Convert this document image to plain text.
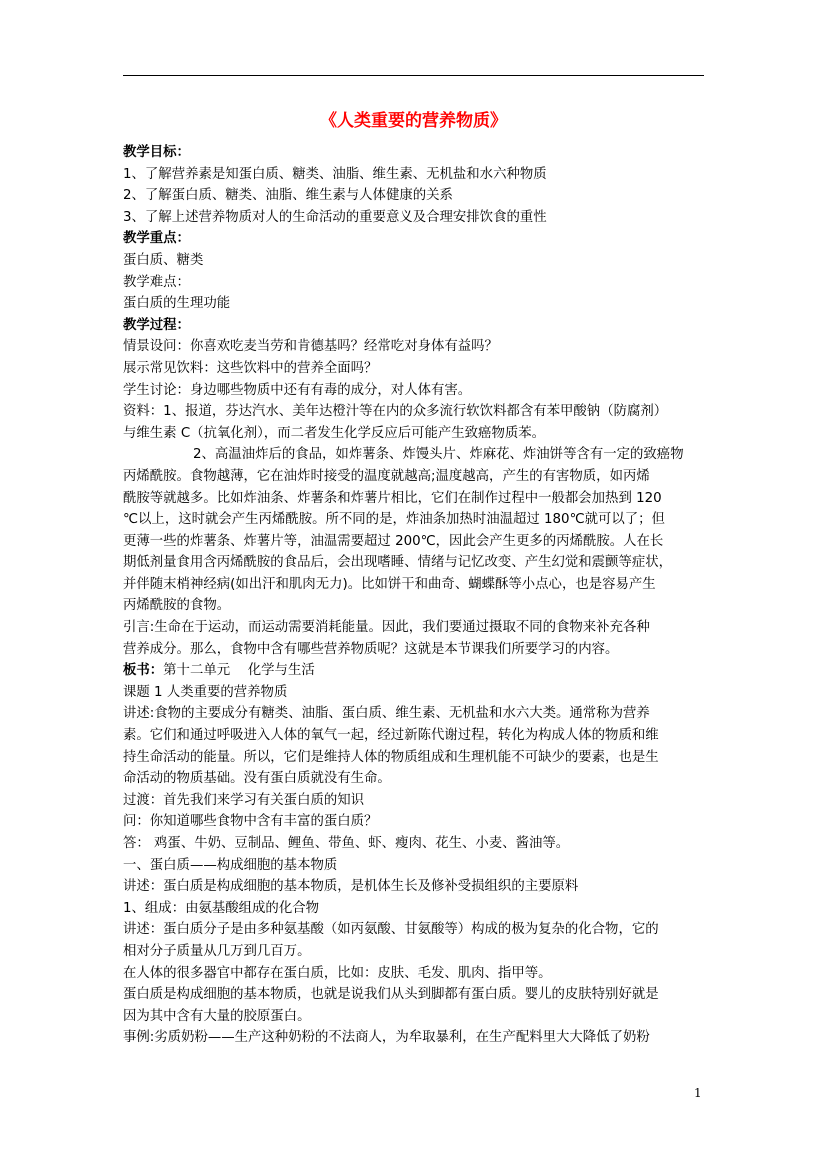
《人类重要的营养物质》
教学目标：
1、了解营养素是知蛋白质、糖类、油脂、维生素、无机盐和水六种物质
2、了解蛋白质、糖类、油脂、维生素与人体健康的关系
3、了解上述营养物质对人的生命活动的重要意义及合理安排饮食的重性
教学重点：
蛋白质、糖类
教学难点：
蛋白质的生理功能
教学过程：
情景设问：你喜欢吃麦当劳和肯德基吗？经常吃对身体有益吗？
展示常见饮料：这些饮料中的营养全面吗？
学生讨论：身边哪些物质中还有有毒的成分，对人体有害。
资料：1、报道，芬达汽水、美年达橙汁等在内的众多流行软饮料都含有苯甲酸钠（防腐剂）
与维生素 C（抗氧化剂），而二者发生化学反应后可能产生致癌物质苯。
2、高温油炸后的食品，如炸薯条、炸馒头片、炸麻花、炸油饼等含有一定的致癌物
丙烯酰胺。食物越薄，它在油炸时接受的温度就越高;温度越高，产生的有害物质，如丙烯
酰胺等就越多。比如炸油条、炸薯条和炸薯片相比，它们在制作过程中一般都会加热到 120
℃以上，这时就会产生丙烯酰胺。所不同的是，炸油条加热时油温超过 180℃就可以了；但
更薄一些的炸薯条、炸薯片等，油温需要超过 200℃，因此会产生更多的丙烯酰胺。人在长
期低剂量食用含丙烯酰胺的食品后，会出现嗜睡、情绪与记忆改变、产生幻觉和震颤等症状，
并伴随末梢神经病(如出汗和肌肉无力)。比如饼干和曲奇、蝴蝶酥等小点心，也是容易产生
丙烯酰胺的食物。
引言:生命在于运动，而运动需要消耗能量。因此，我们要通过摄取不同的食物来补充各种
营养成分。那么，食物中含有哪些营养物质呢？这就是本节课我们所要学习的内容。
板书：第十二单元　 化学与生活
课题 1 人类重要的营养物质
讲述:食物的主要成分有糖类、油脂、蛋白质、维生素、无机盐和水六大类。通常称为营养
素。它们和通过呼吸进入人体的氧气一起，经过新陈代谢过程，转化为构成人体的物质和维
持生命活动的能量。所以，它们是维持人体的物质组成和生理机能不可缺少的要素，也是生
命活动的物质基础。没有蛋白质就没有生命。
过渡：首先我们来学习有关蛋白质的知识
问：你知道哪些食物中含有丰富的蛋白质？
答： 鸡蛋、牛奶、豆制品、鲤鱼、带鱼、虾、瘦肉、花生、小麦、酱油等。
一、蛋白质——构成细胞的基本物质
讲述：蛋白质是构成细胞的基本物质，是机体生长及修补受损组织的主要原料
1、组成：由氨基酸组成的化合物
讲述：蛋白质分子是由多种氨基酸（如丙氨酸、甘氨酸等）构成的极为复杂的化合物，它的
相对分子质量从几万到几百万。
在人体的很多器官中都存在蛋白质，比如：皮肤、毛发、肌肉、指甲等。
蛋白质是构成细胞的基本物质，也就是说我们从头到脚都有蛋白质。婴儿的皮肤特别好就是
因为其中含有大量的胶原蛋白。
事例:劣质奶粉——生产这种奶粉的不法商人，为牟取暴利，在生产配料里大大降低了奶粉
1
